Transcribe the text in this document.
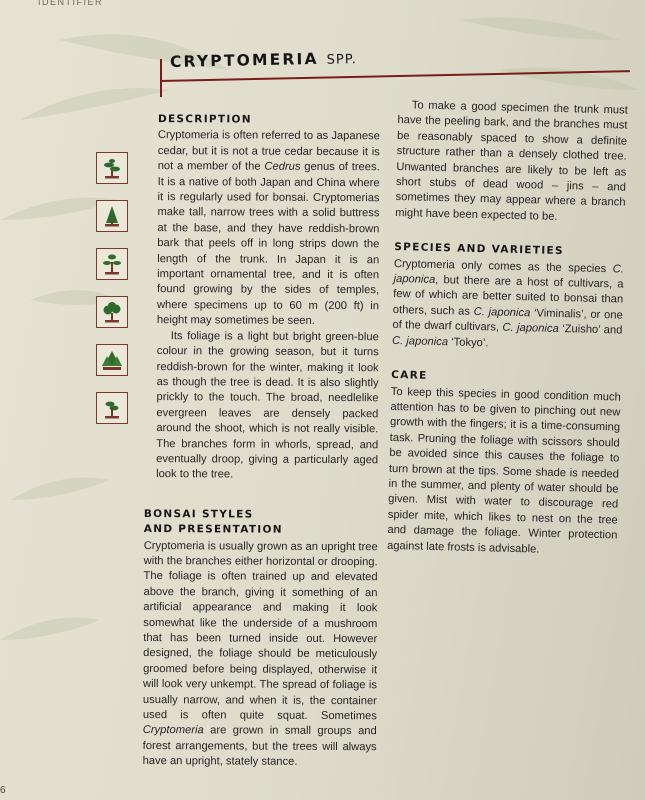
IDENTIFIER
CRYPTOMERIA SPP.
DESCRIPTION

Cryptomeria is often referred to as Japanese cedar, but it is not a true cedar because it is not a member of the Cedrus genus of trees. It is a native of both Japan and China where it is regularly used for bonsai. Cryptomerias make tall, narrow trees with a solid buttress at the base, and they have reddish-brown bark that peels off in long strips down the length of the trunk. In Japan it is an important ornamental tree, and it is often found growing by the sides of temples, where specimens up to 60 m (200 ft) in height may sometimes be seen.

Its foliage is a light but bright green-blue colour in the growing season, but it turns reddish-brown for the winter, making it look as though the tree is dead. It is also slightly prickly to the touch. The broad, needlelike evergreen leaves are densely packed around the shoot, which is not really visible. The branches form in whorls, spread, and eventually droop, giving a particularly aged look to the tree.

BONSAI STYLES
AND PRESENTATION

Cryptomeria is usually grown as an upright tree with the branches either horizontal or drooping. The foliage is often trained up and elevated above the branch, giving it something of an artificial appearance and making it look somewhat like the underside of a mushroom that has been turned inside out. However designed, the foliage should be meticulously groomed before being displayed, otherwise it will look very unkempt. The spread of foliage is usually narrow, and when it is, the container used is often quite squat. Sometimes Cryptomeria are grown in small groups and forest arrangements, but the trees will always have an upright, stately stance.

To make a good specimen the trunk must have the peeling bark, and the branches must be reasonably spaced to show a definite structure rather than a densely clothed tree. Unwanted branches are likely to be left as short stubs of dead wood – jins – and sometimes they may appear where a branch might have been expected to be.

SPECIES AND VARIETIES

Cryptomeria only comes as the species C. japonica, but there are a host of cultivars, a few of which are better suited to bonsai than others, such as C. japonica ‘Viminalis’, or one of the dwarf cultivars, C. japonica ‘Zuisho’ and C. japonica ‘Tokyo’.

CARE

To keep this species in good condition much attention has to be given to pinching out new growth with the fingers; it is a time-consuming task. Pruning the foliage with scissors should be avoided since this causes the foliage to turn brown at the tips. Some shade is needed in the summer, and plenty of water should be given. Mist with water to discourage red spider mite, which likes to nest on the tree and damage the foliage. Winter protection against late frosts is advisable.

6
